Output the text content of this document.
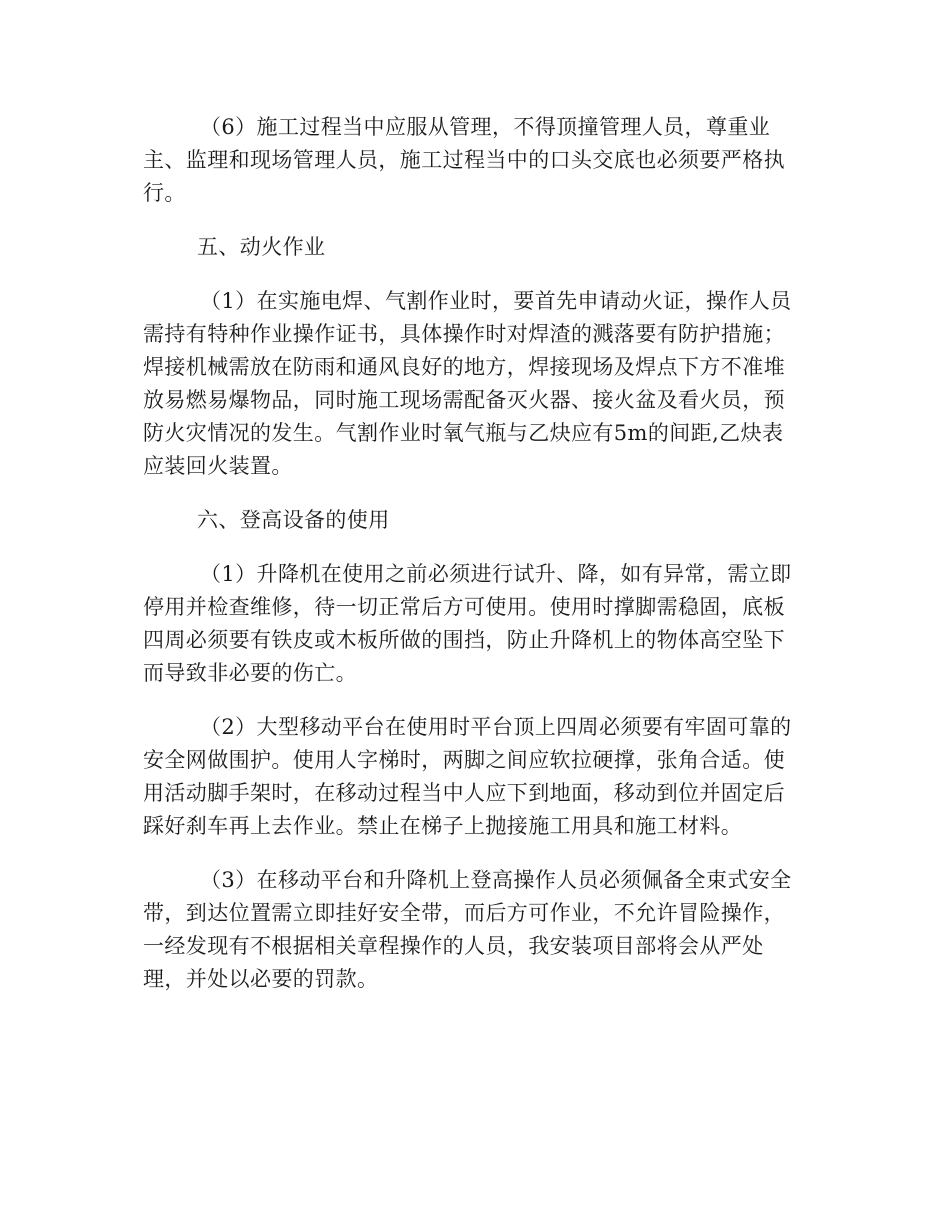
（6）施工过程当中应服从管理，不得顶撞管理人员，尊重业
主、监理和现场管理人员，施工过程当中的口头交底也必须要严格执
行。

五、动火作业

（1）在实施电焊、气割作业时，要首先申请动火证，操作人员
需持有特种作业操作证书，具体操作时对焊渣的溅落要有防护措施；
焊接机械需放在防雨和通风良好的地方，焊接现场及焊点下方不准堆
放易燃易爆物品，同时施工现场需配备灭火器、接火盆及看火员，预
防火灾情况的发生。气割作业时氧气瓶与乙炔应有5m的间距,乙炔表
应装回火装置。

六、登高设备的使用

（1）升降机在使用之前必须进行试升、降，如有异常，需立即
停用并检查维修，待一切正常后方可使用。使用时撑脚需稳固，底板
四周必须要有铁皮或木板所做的围挡，防止升降机上的物体高空坠下
而导致非必要的伤亡。

（2）大型移动平台在使用时平台顶上四周必须要有牢固可靠的
安全网做围护。使用人字梯时，两脚之间应软拉硬撑，张角合适。使
用活动脚手架时，在移动过程当中人应下到地面，移动到位并固定后
踩好刹车再上去作业。禁止在梯子上抛接施工用具和施工材料。

（3）在移动平台和升降机上登高操作人员必须佩备全束式安全
带，到达位置需立即挂好安全带，而后方可作业，不允许冒险操作，
一经发现有不根据相关章程操作的人员，我安装项目部将会从严处
理，并处以必要的罚款。
